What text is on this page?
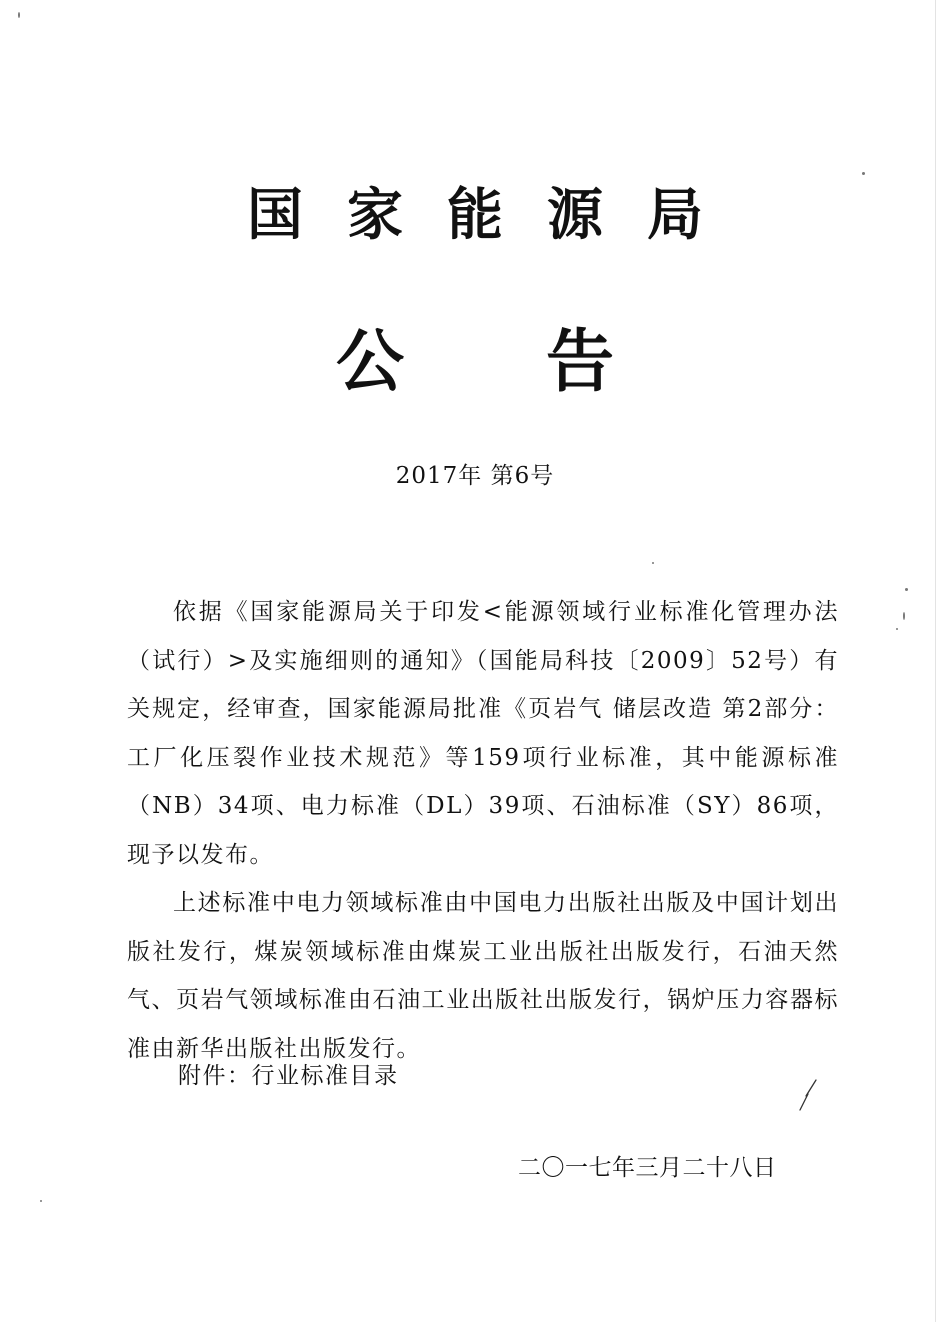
国家能源局
公告
2017年 第6号

依据《国家能源局关于印发<能源领域行业标准化管理办法（试行）>及实施细则的通知》（国能局科技〔2009〕52号）有关规定，经审查，国家能源局批准《页岩气 储层改造 第2部分：工厂化压裂作业技术规范》等159项行业标准，其中能源标准（NB）34项、电力标准（DL）39项、石油标准（SY）86项，现予以发布。

上述标准中电力领域标准由中国电力出版社出版及中国计划出版社发行，煤炭领域标准由煤炭工业出版社出版发行，石油天然气、页岩气领域标准由石油工业出版社出版发行，锅炉压力容器标准由新华出版社出版发行。

附件：行业标准目录
二〇一七年三月二十八日
